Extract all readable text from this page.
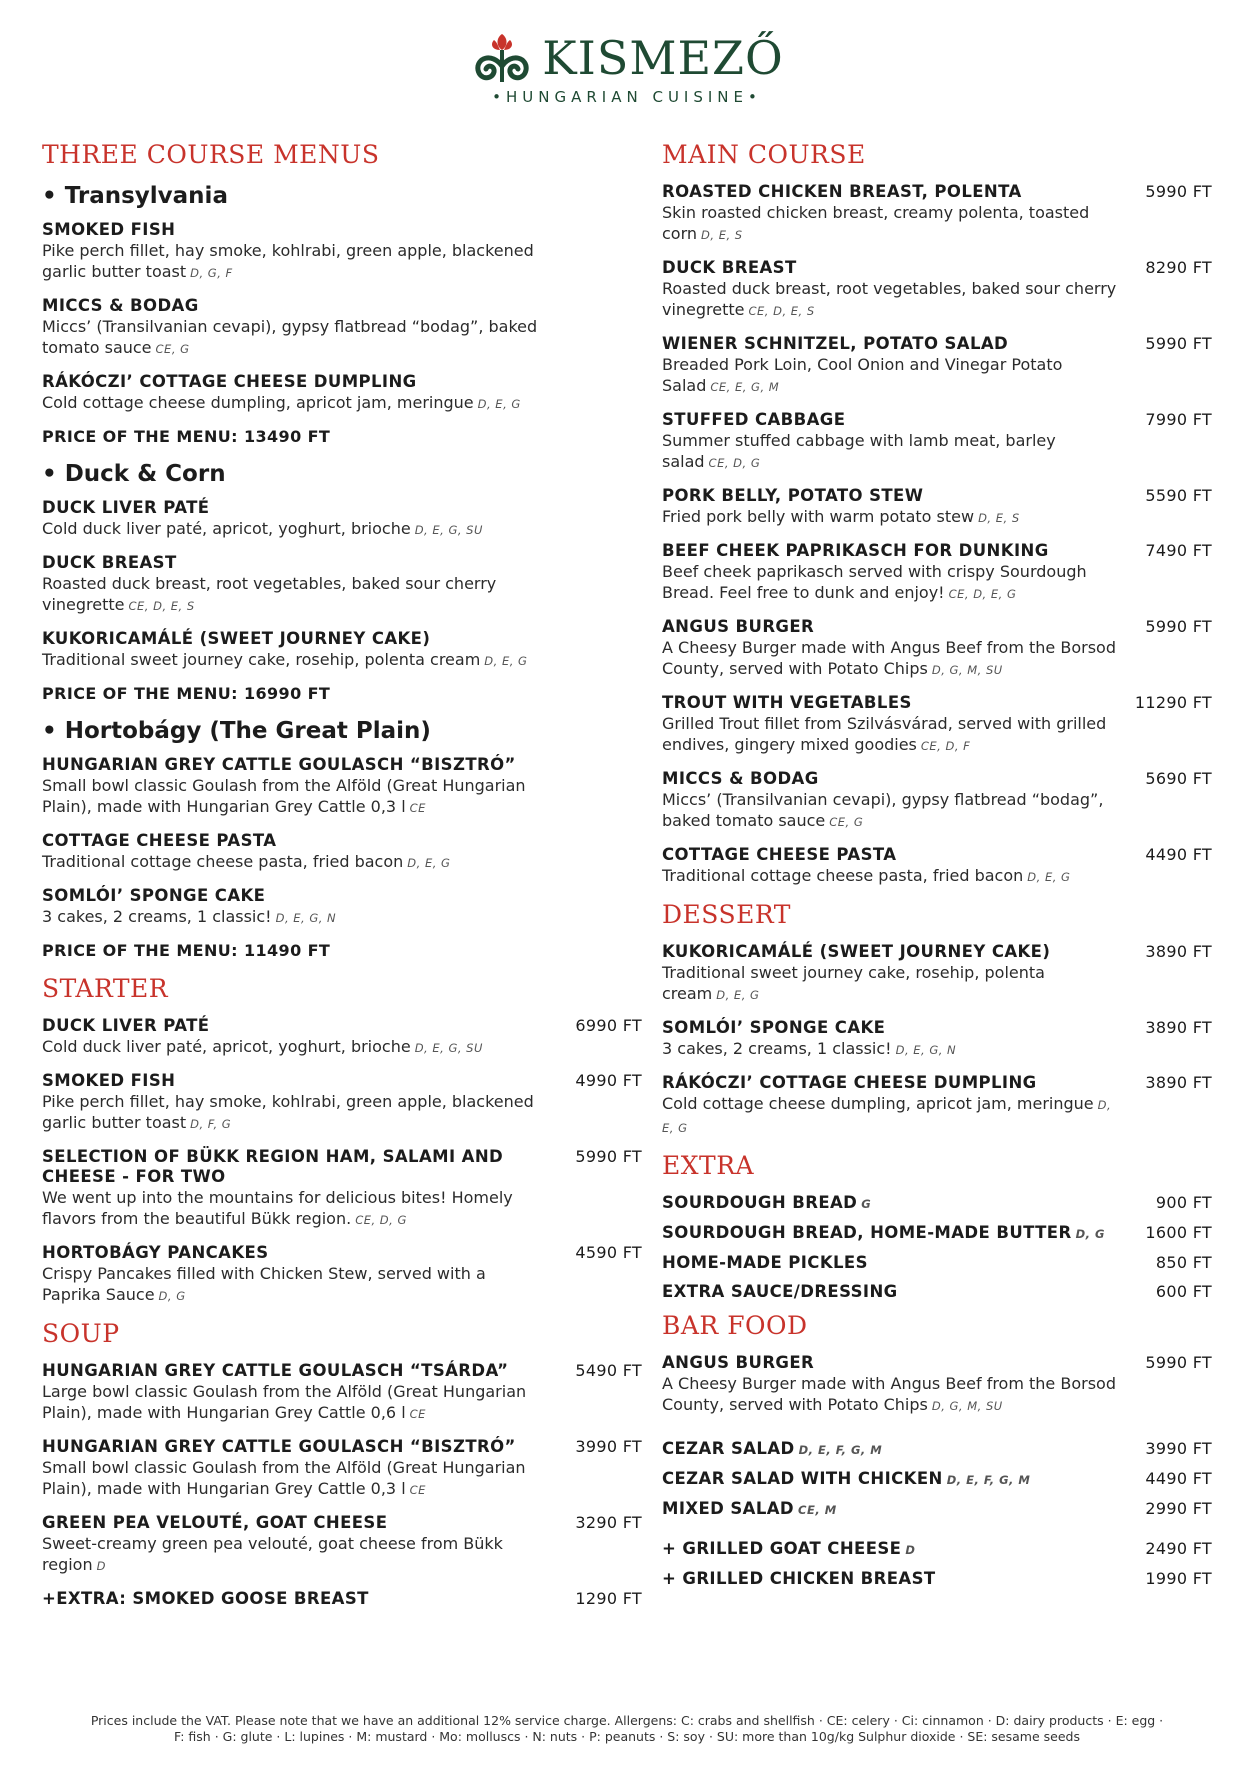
KISMEZŐ
•HUNGARIAN CUISINE•
THREE COURSE MENUS
• Transylvania
SMOKED FISH
Pike perch fillet, hay smoke, kohlrabi, green apple, blackened garlic butter toast D, G, F
MICCS & BODAG
Miccs’ (Transilvanian cevapi), gypsy flatbread “bodag”, baked tomato sauce CE, G
RÁKÓCZI’ COTTAGE CHEESE DUMPLING
Cold cottage cheese dumpling, apricot jam, meringue D, E, G
PRICE OF THE MENU: 13490 FT
• Duck & Corn
DUCK LIVER PATÉ
Cold duck liver paté, apricot, yoghurt, brioche D, E, G, SU
DUCK BREAST
Roasted duck breast, root vegetables, baked sour cherry vinegrette CE, D, E, S
KUKORICAMÁLÉ (SWEET JOURNEY CAKE)
Traditional sweet journey cake, rosehip, polenta cream D, E, G
PRICE OF THE MENU: 16990 FT
• Hortobágy (The Great Plain)
HUNGARIAN GREY CATTLE GOULASCH “BISZTRÓ”
Small bowl classic Goulash from the Alföld (Great Hungarian Plain), made with Hungarian Grey Cattle 0,3 l CE
COTTAGE CHEESE PASTA
Traditional cottage cheese pasta, fried bacon D, E, G
SOMLÓI’ SPONGE CAKE
3 cakes, 2 creams, 1 classic! D, E, G, N
PRICE OF THE MENU: 11490 FT
STARTER
DUCK LIVER PATÉ
Cold duck liver paté, apricot, yoghurt, brioche D, E, G, SU
6990 FT
SMOKED FISH
Pike perch fillet, hay smoke, kohlrabi, green apple, blackened garlic butter toast D, F, G
4990 FT
SELECTION OF BÜKK REGION HAM, SALAMI AND CHEESE - FOR TWO
We went up into the mountains for delicious bites! Homely flavors from the beautiful Bükk region. CE, D, G
5990 FT
HORTOBÁGY PANCAKES
Crispy Pancakes filled with Chicken Stew, served with a Paprika Sauce D, G
4590 FT
SOUP
HUNGARIAN GREY CATTLE GOULASCH “TSÁRDA”
Large bowl classic Goulash from the Alföld (Great Hungarian Plain), made with Hungarian Grey Cattle 0,6 l CE
5490 FT
HUNGARIAN GREY CATTLE GOULASCH “BISZTRÓ”
Small bowl classic Goulash from the Alföld (Great Hungarian Plain), made with Hungarian Grey Cattle 0,3 l CE
3990 FT
GREEN PEA VELOUTÉ, GOAT CHEESE
Sweet-creamy green pea velouté, goat cheese from Bükk region D
3290 FT
+EXTRA: SMOKED GOOSE BREAST	1290 FT
MAIN COURSE
ROASTED CHICKEN BREAST, POLENTA
Skin roasted chicken breast, creamy polenta, toasted corn D, E, S
5990 FT
DUCK BREAST
Roasted duck breast, root vegetables, baked sour cherry vinegrette CE, D, E, S
8290 FT
WIENER SCHNITZEL, POTATO SALAD
Breaded Pork Loin, Cool Onion and Vinegar Potato Salad CE, E, G, M
5990 FT
STUFFED CABBAGE
Summer stuffed cabbage with lamb meat, barley salad CE, D, G
7990 FT
PORK BELLY, POTATO STEW
Fried pork belly with warm potato stew D, E, S
5590 FT
BEEF CHEEK PAPRIKASCH FOR DUNKING
Beef cheek paprikasch served with crispy Sourdough Bread. Feel free to dunk and enjoy! CE, D, E, G
7490 FT
ANGUS BURGER
A Cheesy Burger made with Angus Beef from the Borsod County, served with Potato Chips D, G, M, SU
5990 FT
TROUT WITH VEGETABLES
Grilled Trout fillet from Szilvásvárad, served with grilled endives, gingery mixed goodies CE, D, F
11290 FT
MICCS & BODAG
Miccs’ (Transilvanian cevapi), gypsy flatbread “bodag”, baked tomato sauce CE, G
5690 FT
COTTAGE CHEESE PASTA
Traditional cottage cheese pasta, fried bacon D, E, G
4490 FT
DESSERT
KUKORICAMÁLÉ (SWEET JOURNEY CAKE)
Traditional sweet journey cake, rosehip, polenta cream D, E, G
3890 FT
SOMLÓI’ SPONGE CAKE
3 cakes, 2 creams, 1 classic! D, E, G, N
3890 FT
RÁKÓCZI’ COTTAGE CHEESE DUMPLING
Cold cottage cheese dumpling, apricot jam, meringue D, E, G
3890 FT
EXTRA
SOURDOUGH BREAD G	900 FT
SOURDOUGH BREAD, HOME-MADE BUTTER D, G	1600 FT
HOME-MADE PICKLES	850 FT
EXTRA SAUCE/DRESSING	600 FT
BAR FOOD
ANGUS BURGER
A Cheesy Burger made with Angus Beef from the Borsod County, served with Potato Chips D, G, M, SU
5990 FT
CEZAR SALAD D, E, F, G, M	3990 FT
CEZAR SALAD WITH CHICKEN D, E, F, G, M	4490 FT
MIXED SALAD CE, M	2990 FT
+ GRILLED GOAT CHEESE D	2490 FT
+ GRILLED CHICKEN BREAST	1990 FT
Prices include the VAT. Please note that we have an additional 12% service charge. Allergens: C: crabs and shellfish · CE: celery · Ci: cinnamon · D: dairy products · E: egg ·
F: fish · G: glute · L: lupines · M: mustard · Mo: molluscs · N: nuts · P: peanuts · S: soy · SU: more than 10g/kg Sulphur dioxide · SE: sesame seeds
